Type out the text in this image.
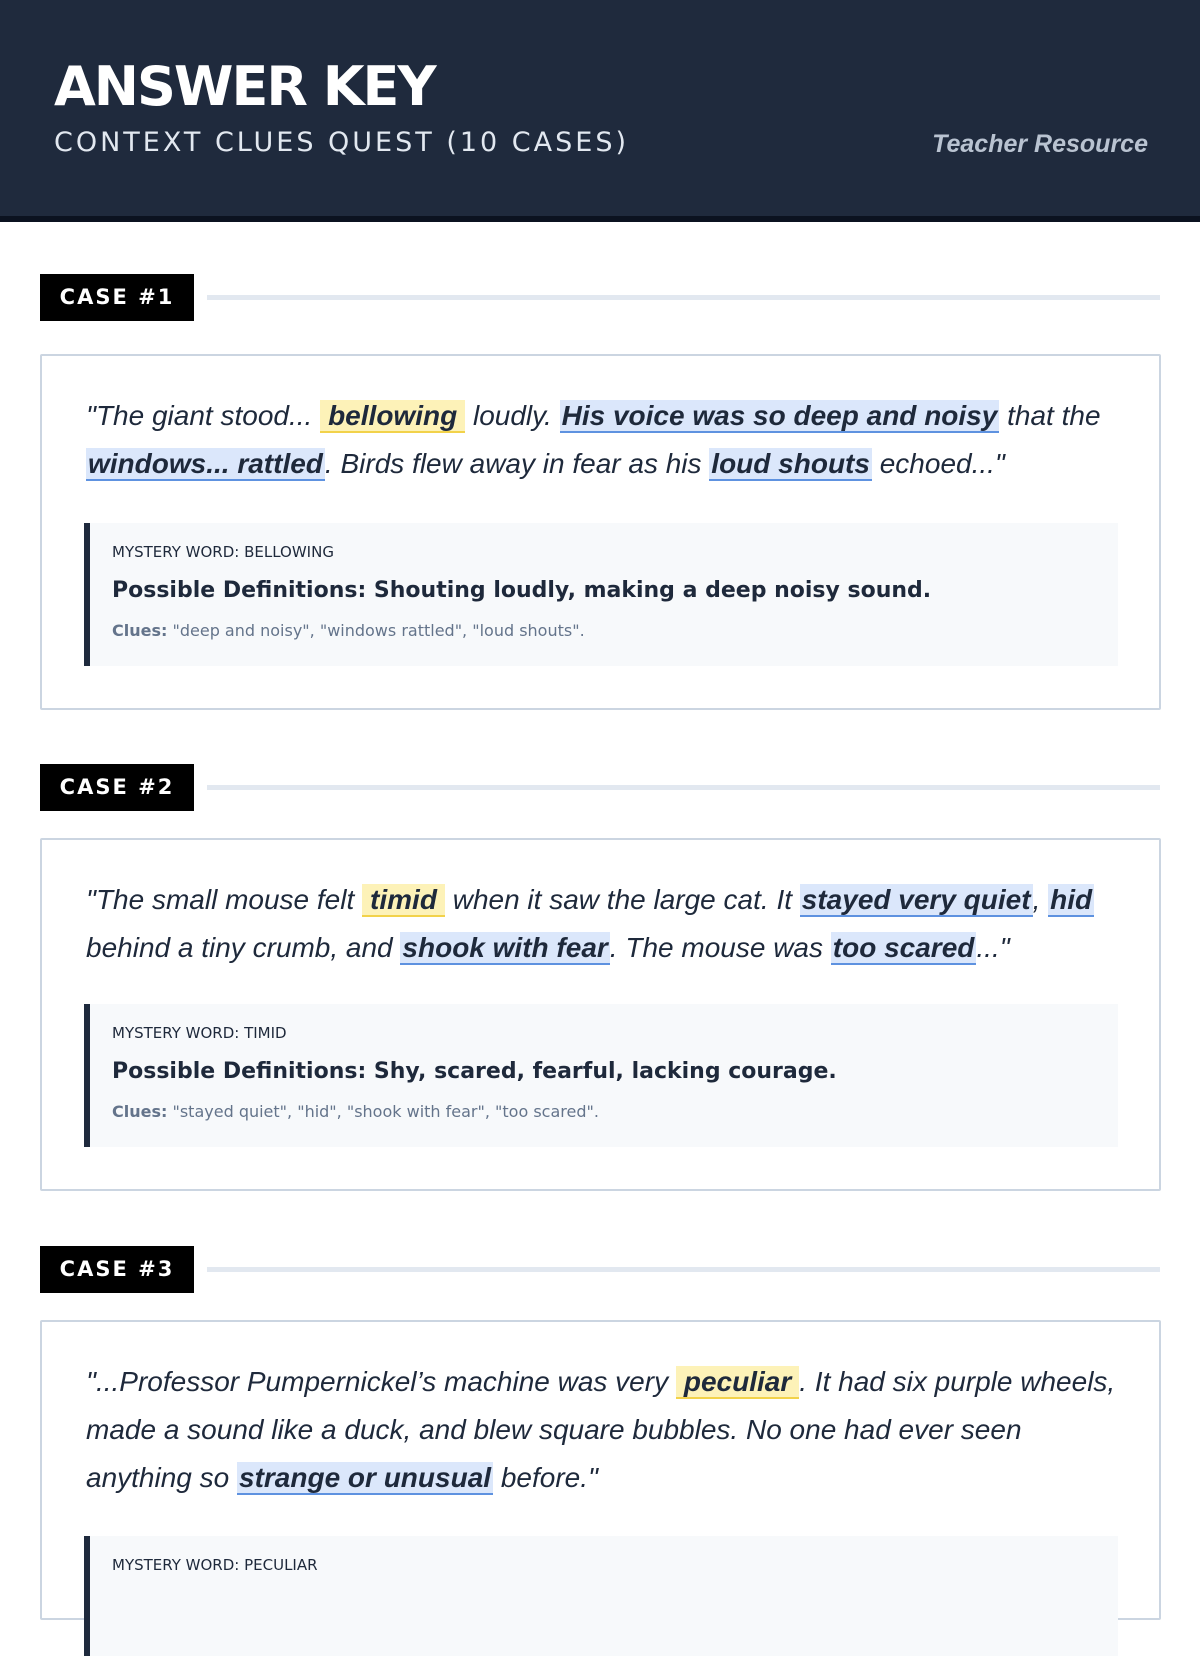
ANSWER KEY
CONTEXT CLUES QUEST (10 CASES)	Teacher Resource
CASE #1

"The giant stood... bellowing loudly. His voice was so deep and noisy that the windows... rattled. Birds flew away in fear as his loud shouts echoed..."

MYSTERY WORD: BELLOWING
Possible Definitions: Shouting loudly, making a deep noisy sound.
Clues: "deep and noisy", "windows rattled", "loud shouts".
CASE #2

"The small mouse felt timid when it saw the large cat. It stayed very quiet, hid behind a tiny crumb, and shook with fear. The mouse was too scared..."

MYSTERY WORD: TIMID
Possible Definitions: Shy, scared, fearful, lacking courage.
Clues: "stayed quiet", "hid", "shook with fear", "too scared".
CASE #3

"...Professor Pumpernickel’s machine was very peculiar . It had six purple wheels, made a sound like a duck, and blew square bubbles. No one had ever seen anything so strange or unusual before."

MYSTERY WORD: PECULIAR
